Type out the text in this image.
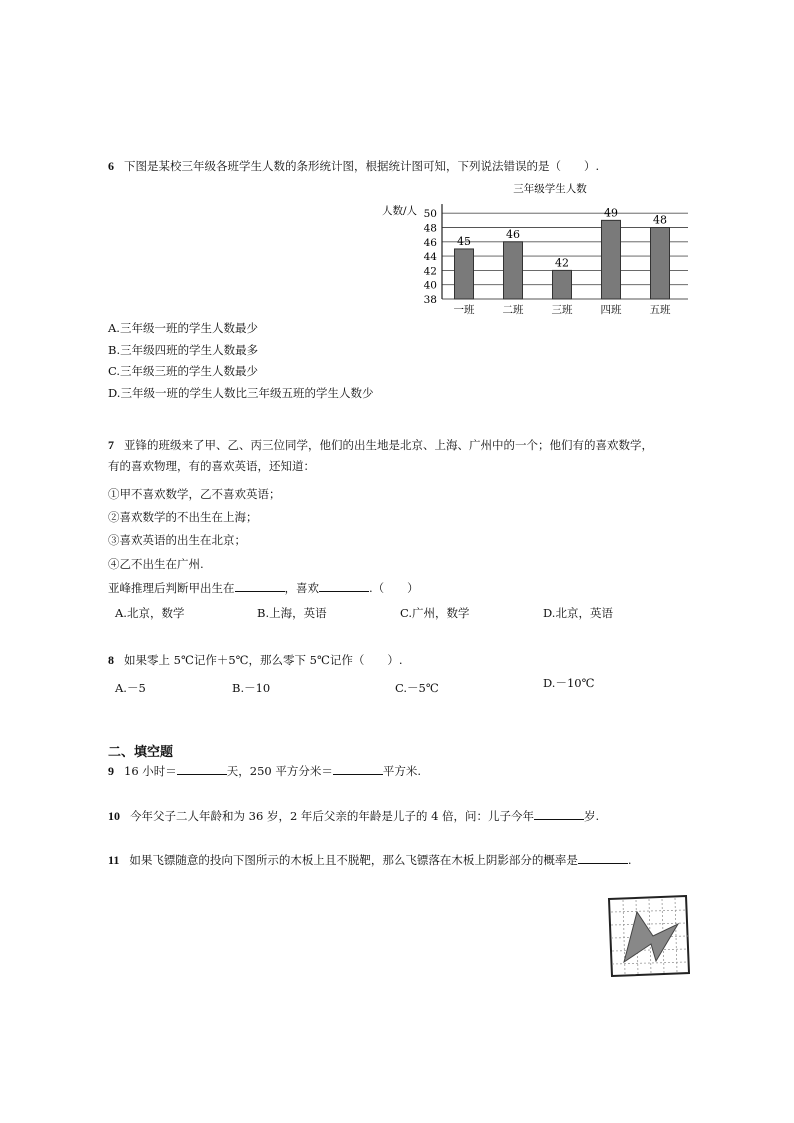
6 下图是某校三年级各班学生人数的条形统计图，根据统计图可知，下列说法错误的是（　　）.
三年级学生人数
人数/人 50
48
46
44
42
40
38
45
46
42
49
48
一班	二班	三班	四班	五班
A.三年级一班的学生人数最少
B.三年级四班的学生人数最多
C.三年级三班的学生人数最少
D.三年级一班的学生人数比三年级五班的学生人数少
7 亚锋的班级来了甲、乙、丙三位同学，他们的出生地是北京、上海、广州中的一个；他们有的喜欢数学，
有的喜欢物理，有的喜欢英语，还知道：
①甲不喜欢数学，乙不喜欢英语；
②喜欢数学的不出生在上海；
③喜欢英语的出生在北京；
④乙不出生在广州.
亚峰推理后判断甲出生在	，喜欢	.（　　）
A.北京，数学	B.上海，英语	C.广州，数学	D.北京，英语
8 如果零上 5℃记作＋5℃，那么零下 5℃记作（　　）.
A.－5	B.－10	C.－5℃	D.－10℃
二、填空题
9 16 小时＝	天，250 平方分米＝	平方米.
10 今年父子二人年龄和为 36 岁，2 年后父亲的年龄是儿子的 4 倍，问：儿子今年	岁.
11 如果飞镖随意的投向下图所示的木板上且不脱靶，那么飞镖落在木板上阴影部分的概率是	.
